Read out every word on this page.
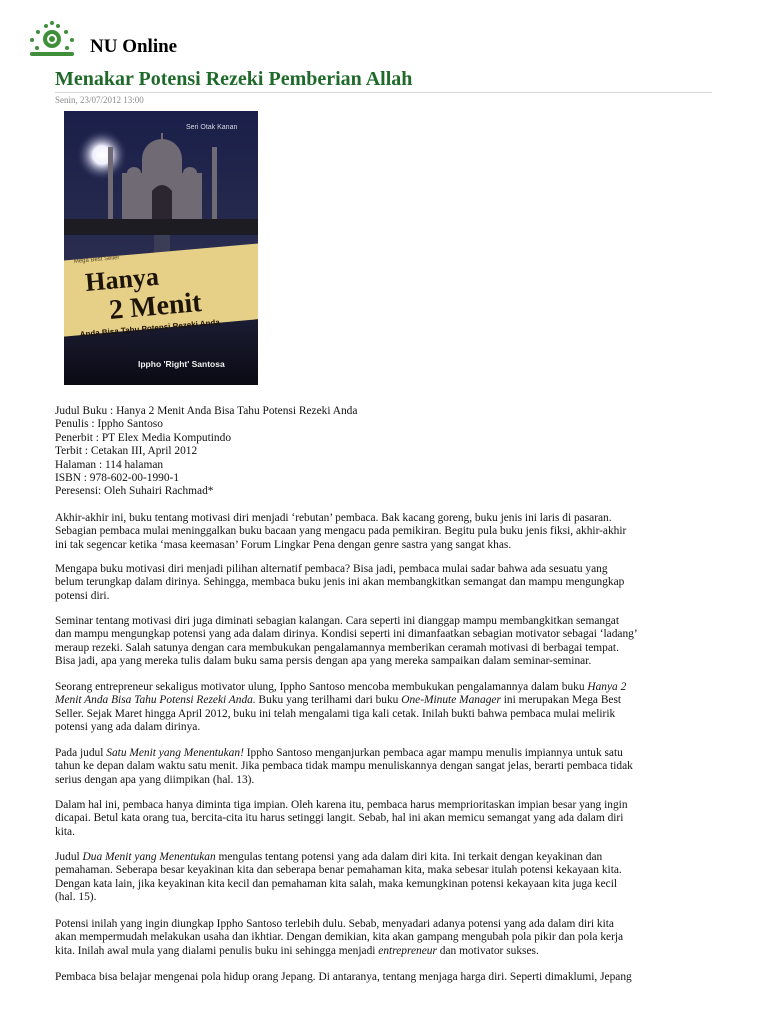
NU Online
Menakar Potensi Rezeki Pemberian Allah
Senin, 23/07/2012 13:00
Seri Otak Kanan
Mega Best Seller
Hanya
2 Menit
Anda Bisa Tahu Potensi Rezeki Anda
Ippho 'Right' Santosa
Judul Buku : Hanya 2 Menit Anda Bisa Tahu Potensi Rezeki Anda
Penulis : Ippho Santoso
Penerbit : PT Elex Media Komputindo
Terbit : Cetakan III, April 2012
Halaman : 114 halaman
ISBN : 978-602-00-1990-1
Peresensi: Oleh Suhairi Rachmad*
Akhir-akhir ini, buku tentang motivasi diri menjadi ‘rebutan’ pembaca. Bak kacang goreng, buku jenis ini laris di pasaran.
Sebagian pembaca mulai meninggalkan buku bacaan yang mengacu pada pemikiran. Begitu pula buku jenis fiksi, akhir-akhir
ini tak segencar ketika ‘masa keemasan’ Forum Lingkar Pena dengan genre sastra yang sangat khas.
Mengapa buku motivasi diri menjadi pilihan alternatif pembaca? Bisa jadi, pembaca mulai sadar bahwa ada sesuatu yang
belum terungkap dalam dirinya. Sehingga, membaca buku jenis ini akan membangkitkan semangat dan mampu mengungkap
potensi diri.
Seminar tentang motivasi diri juga diminati sebagian kalangan. Cara seperti ini dianggap mampu membangkitkan semangat
dan mampu mengungkap potensi yang ada dalam dirinya. Kondisi seperti ini dimanfaatkan sebagian motivator sebagai ‘ladang’
meraup rezeki. Salah satunya dengan cara membukukan pengalamannya memberikan ceramah motivasi di berbagai tempat.
Bisa jadi, apa yang mereka tulis dalam buku sama persis dengan apa yang mereka sampaikan dalam seminar-seminar.
Seorang entrepreneur sekaligus motivator ulung, Ippho Santoso mencoba membukukan pengalamannya dalam buku Hanya 2
Menit Anda Bisa Tahu Potensi Rezeki Anda. Buku yang terilhami dari buku One-Minute Manager ini merupakan Mega Best
Seller. Sejak Maret hingga April 2012, buku ini telah mengalami tiga kali cetak. Inilah bukti bahwa pembaca mulai melirik
potensi yang ada dalam dirinya.
Pada judul Satu Menit yang Menentukan! Ippho Santoso menganjurkan pembaca agar mampu menulis impiannya untuk satu
tahun ke depan dalam waktu satu menit. Jika pembaca tidak mampu menuliskannya dengan sangat jelas, berarti pembaca tidak
serius dengan apa yang diimpikan (hal. 13).
Dalam hal ini, pembaca hanya diminta tiga impian. Oleh karena itu, pembaca harus memprioritaskan impian besar yang ingin
dicapai. Betul kata orang tua, bercita-cita itu harus setinggi langit. Sebab, hal ini akan memicu semangat yang ada dalam diri
kita.
Judul Dua Menit yang Menentukan mengulas tentang potensi yang ada dalam diri kita. Ini terkait dengan keyakinan dan
pemahaman. Seberapa besar keyakinan kita dan seberapa benar pemahaman kita, maka sebesar itulah potensi kekayaan kita.
Dengan kata lain, jika keyakinan kita kecil dan pemahaman kita salah, maka kemungkinan potensi kekayaan kita juga kecil
(hal. 15).
Potensi inilah yang ingin diungkap Ippho Santoso terlebih dulu. Sebab, menyadari adanya potensi yang ada dalam diri kita
akan mempermudah melakukan usaha dan ikhtiar. Dengan demikian, kita akan gampang mengubah pola pikir dan pola kerja
kita. Inilah awal mula yang dialami penulis buku ini sehingga menjadi entrepreneur dan motivator sukses.
Pembaca bisa belajar mengenai pola hidup orang Jepang. Di antaranya, tentang menjaga harga diri. Seperti dimaklumi, Jepang
